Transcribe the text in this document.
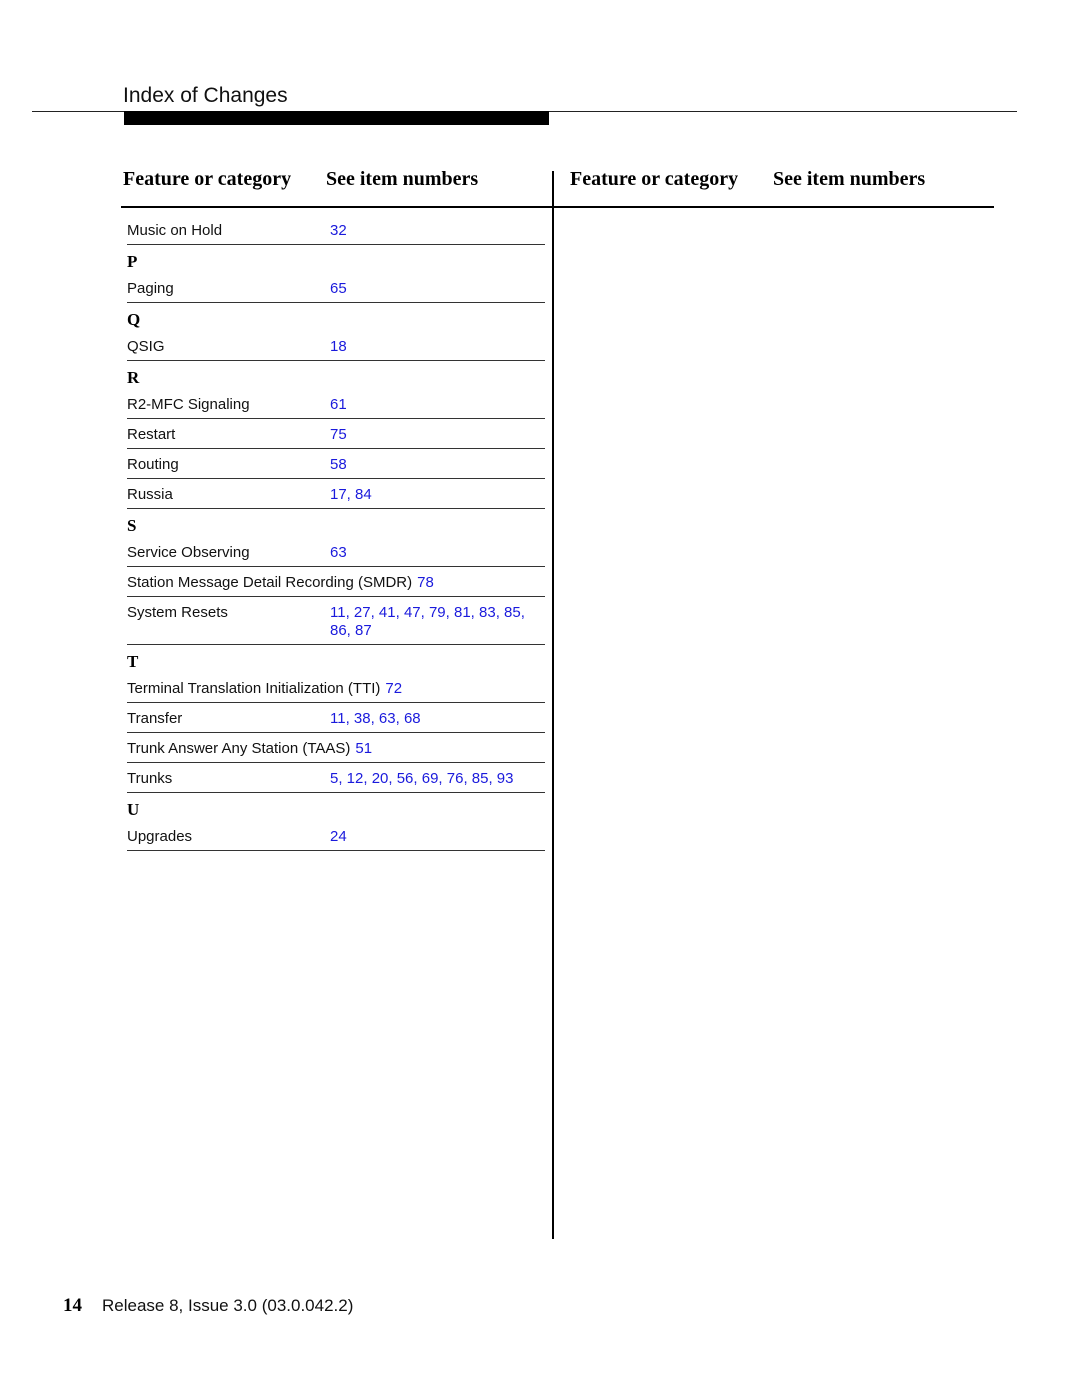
Index of Changes
Feature or category See item numbers	Feature or category See item numbers
Music on Hold	32
P
Paging	65
Q
QSIG	18
R
R2-MFC Signaling	61
Restart	75
Routing	58
Russia	17, 84
S
Service Observing	63
Station Message Detail Recording (SMDR) 78
System Resets	11, 27, 41, 47, 79, 81, 83, 85, 86, 87
T
Terminal Translation Initialization (TTI) 72
Transfer	11, 38, 63, 68
Trunk Answer Any Station (TAAS) 51
Trunks	5, 12, 20, 56, 69, 76, 85, 93
U
Upgrades	24
14 Release 8, Issue 3.0 (03.0.042.2)
